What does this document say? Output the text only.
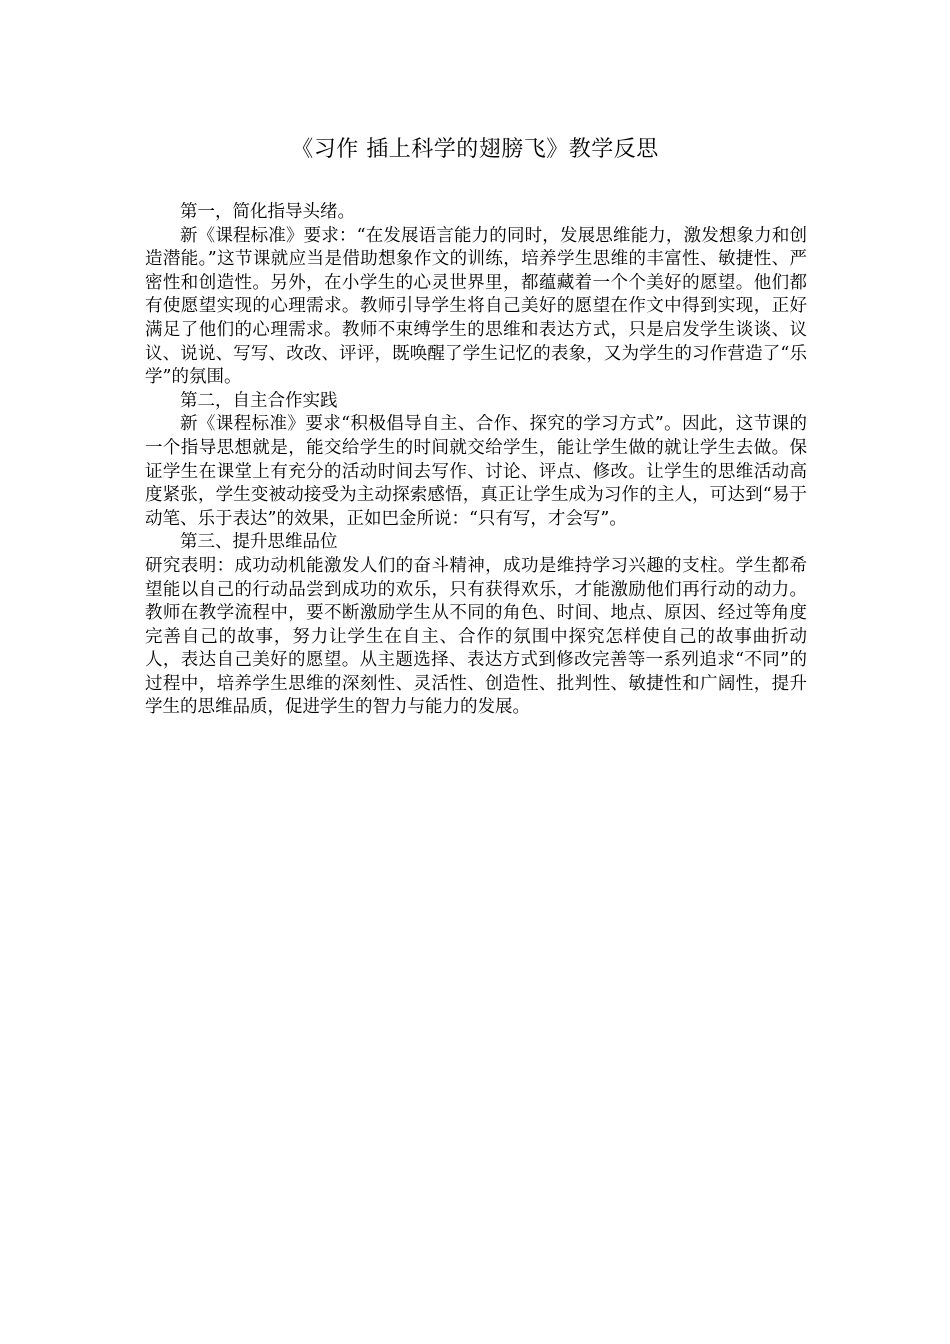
《习作 插上科学的翅膀飞》教学反思

第一，简化指导头绪。

新《课程标准》要求：“在发展语言能力的同时，发展思维能力，激发想象力和创造潜能。”这节课就应当是借助想象作文的训练，培养学生思维的丰富性、敏捷性、严密性和创造性。另外，在小学生的心灵世界里，都蕴藏着一个个美好的愿望。他们都有使愿望实现的心理需求。教师引导学生将自己美好的愿望在作文中得到实现，正好满足了他们的心理需求。教师不束缚学生的思维和表达方式，只是启发学生谈谈、议议、说说、写写、改改、评评，既唤醒了学生记忆的表象，又为学生的习作营造了“乐学”的氛围。

第二，自主合作实践

新《课程标准》要求“积极倡导自主、合作、探究的学习方式”。因此，这节课的一个指导思想就是，能交给学生的时间就交给学生，能让学生做的就让学生去做。保证学生在课堂上有充分的活动时间去写作、讨论、评点、修改。让学生的思维活动高度紧张，学生变被动接受为主动探索感悟，真正让学生成为习作的主人，可达到“易于动笔、乐于表达”的效果，正如巴金所说：“只有写，才会写”。

第三、提升思维品位

研究表明：成功动机能激发人们的奋斗精神，成功是维持学习兴趣的支柱。学生都希望能以自己的行动品尝到成功的欢乐，只有获得欢乐，才能激励他们再行动的动力。教师在教学流程中，要不断激励学生从不同的角色、时间、地点、原因、经过等角度完善自己的故事，努力让学生在自主、合作的氛围中探究怎样使自己的故事曲折动人，表达自己美好的愿望。从主题选择、表达方式到修改完善等一系列追求“不同”的过程中，培养学生思维的深刻性、灵活性、创造性、批判性、敏捷性和广阔性，提升学生的思维品质，促进学生的智力与能力的发展。
